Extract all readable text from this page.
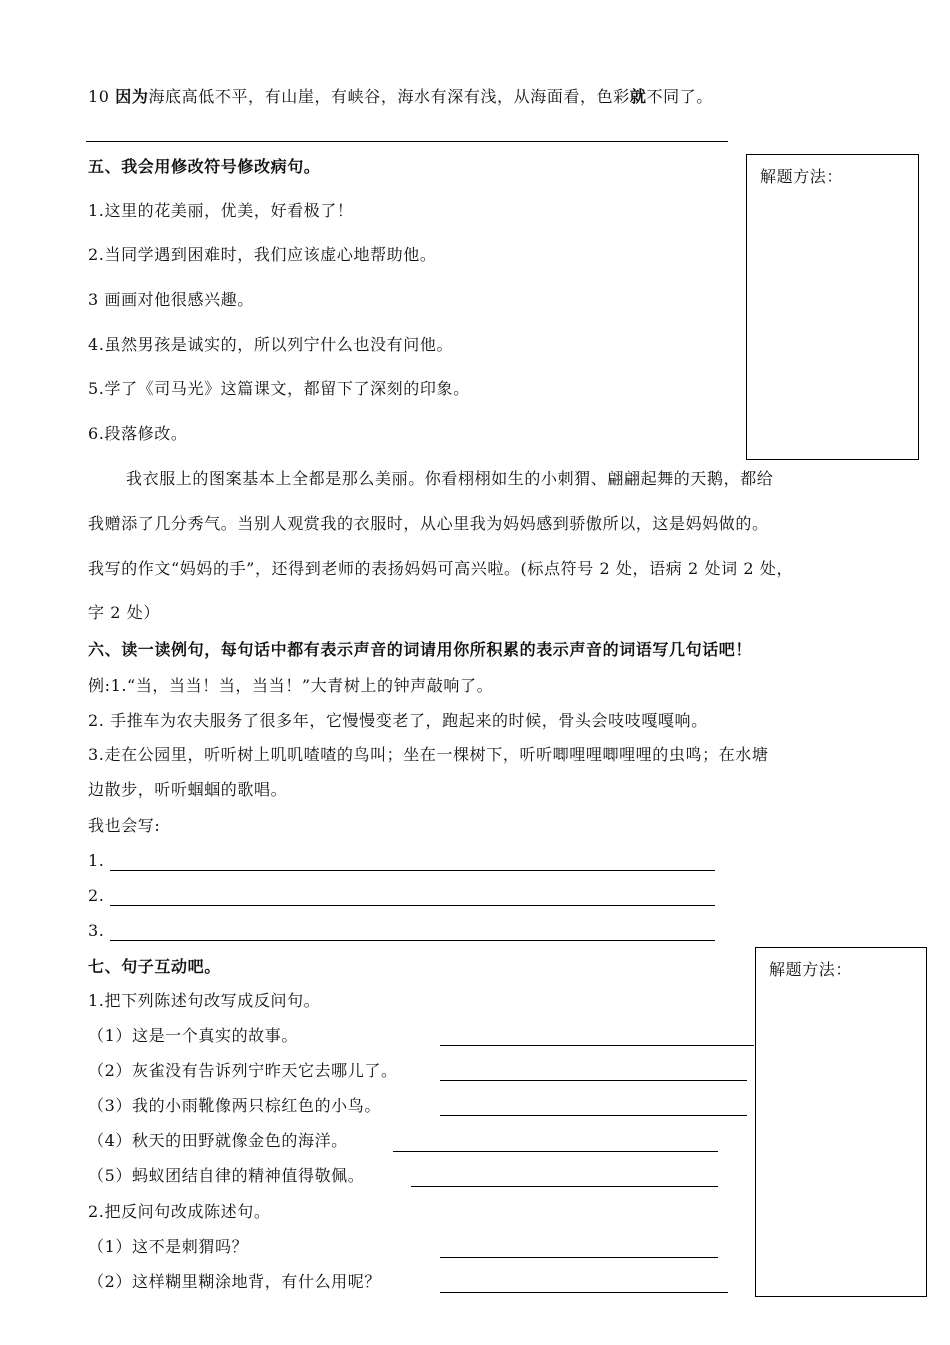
10 因为海底高低不平，有山崖，有峡谷，海水有深有浅，从海面看，色彩就不同了。
五、我会用修改符号修改病句。
1.这里的花美丽，优美，好看极了！
2.当同学遇到困难时，我们应该虚心地帮助他。
3 画画对他很感兴趣。
4.虽然男孩是诚实的，所以列宁什么也没有问他。
5.学了《司马光》这篇课文，都留下了深刻的印象。
6.段落修改。
我衣服上的图案基本上全都是那么美丽。你看栩栩如生的小刺猬、翩翩起舞的天鹅，都给
我赠添了几分秀气。当别人观赏我的衣服时，从心里我为妈妈感到骄傲所以，这是妈妈做的。
我写的作文“妈妈的手”，还得到老师的表扬妈妈可高兴啦。(标点符号 2 处，语病 2 处词 2 处，
字 2 处）
解题方法：
六、读一读例句，每句话中都有表示声音的词请用你所积累的表示声音的词语写几句话吧！
例:1.“当，当当！当，当当！”大青树上的钟声敲响了。
2. 手推车为农夫服务了很多年，它慢慢变老了，跑起来的时候，骨头会吱吱嘎嘎响。
3.走在公园里，听听树上叽叽喳喳的鸟叫；坐在一棵树下，听听唧哩哩唧哩哩的虫鸣；在水塘
边散步，听听蝈蝈的歌唱。
我也会写:
1.
2.
3.
七、句子互动吧。
1.把下列陈述句改写成反问句。
（1）这是一个真实的故事。
（2）灰雀没有告诉列宁昨天它去哪儿了。
（3）我的小雨靴像两只棕红色的小鸟。
（4）秋天的田野就像金色的海洋。
（5）蚂蚁团结自律的精神值得敬佩。
2.把反问句改成陈述句。
（1）这不是刺猬吗？
（2）这样糊里糊涂地背，有什么用呢？
解题方法：
